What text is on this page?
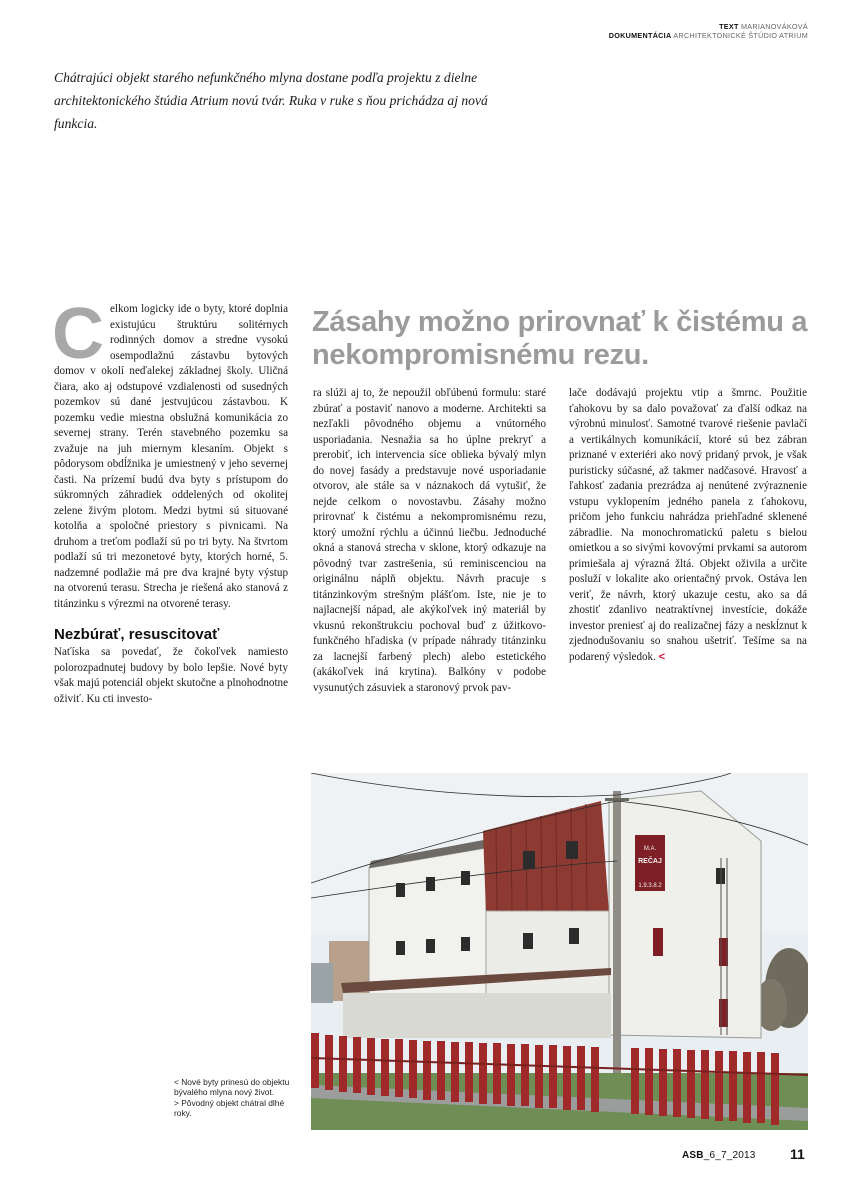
TEXT MARIANOVÁKOVÁ
DOKUMENTÁCIA ARCHITEKTONICKÉ ŠTÚDIO ATRIUM

Chátrajúci objekt starého nefunkčného mlyna dostane podľa projektu z dielne architektonického štúdia Atrium novú tvár. Ruka v ruke s ňou prichádza aj nová funkcia.

Zásahy možno prirovnať k čistému a nekompromisnému rezu.

Celkom logicky ide o byty, ktoré doplnia existujúcu štruktúru solitérnych rodinných domov a stredne vysokú osempodlažnú zástavbu bytových domov v okolí neďalekej základnej školy. Uličná čiara, ako aj odstupové vzdialenosti od susedných pozemkov sú dané jestvujúcou zástavbou. K pozemku vedie miestna obslužná komunikácia zo severnej strany. Terén stavebného pozemku sa zvažuje na juh miernym klesaním. Objekt s pôdorysom obdĺžnika je umiestnený v jeho severnej časti. Na prízemí budú dva byty s prístupom do súkromných záhradiek oddelených od okolitej zelene živým plotom. Medzi bytmi sú situované kotolňa a spoločné priestory s pivnicami. Na druhom a treťom podlaží sú po tri byty. Na štvrtom podlaží sú tri mezonetové byty, ktorých horné, 5. nadzemné podlažie má pre dva krajné byty výstup na otvorenú terasu. Strecha je riešená ako stanová z titánzinku s výrezmi na otvorené terasy.

Nezbúrať, resuscitovať

Naťíska sa povedať, že čokoľvek namiesto polorozpadnutej budovy by bolo lepšie. Nové byty však majú potenciál objekt skutočne a plnohodnotne oživiť. Ku cti investo-

ra slúži aj to, že nepoužil obľúbenú formulu: staré zbúrať a postaviť nanovo a moderne. Architekti sa nezľakli pôvodného objemu a vnútorného usporiadania. Nesnažia sa ho úplne prekryť a prerobiť, ich intervencia síce oblieka bývalý mlyn do novej fasády a predstavuje nové usporiadanie otvorov, ale stále sa v náznakoch dá vytušiť, že nejde celkom o novostavbu. Zásahy možno prirovnať k čistému a nekompromisnému rezu, ktorý umožní rýchlu a účinnú liečbu. Jednoduché okná a stanová strecha v sklone, ktorý odkazuje na pôvodný tvar zastrešenia, sú reminiscenciou na originálnu náplň objektu. Návrh pracuje s titánzinkovým strešným plášťom. Iste, nie je to najlacnejší nápad, ale akýkoľvek iný materiál by vkusnú rekonštrukciu pochoval buď z úžitkovo-funkčného hľadiska (v prípade náhrady titánzinku za lacnejší farbený plech) alebo estetického (akákoľvek iná krytina). Balkóny v podobe vysunutých zásuviek a staronový prvok pav-

lače dodávajú projektu vtip a šmrnc. Použitie ťahokovu by sa dalo považovať za ďalší odkaz na výrobnú minulosť. Samotné tvarové riešenie pavlačí a vertikálnych komunikácií, ktoré sú bez zábran priznané v exteriéri ako nový pridaný prvok, je však puristicky súčasné, až takmer nadčasové. Hravosť a ľahkosť zadania prezrádza aj nenútené zvýraznenie vstupu vyklopením jedného panela z ťahokovu, pričom jeho funkciu nahrádza priehľadné sklenené zábradlie. Na monochromatickú paletu s bielou omietkou a so sivými kovovými prvkami sa autorom primiešala aj výrazná žltá. Objekt oživila a určite posluží v lokalite ako orientačný prvok. Ostáva len veriť, že návrh, ktorý ukazuje cestu, ako sa dá zhostiť zdanlivo neatraktívnej investície, dokáže investor preniesť aj do realizačnej fázy a neskĺznut k zjednodušovaniu so snahou ušetriť. Tešíme sa na podarený výsledok. <

M.A.
REČAJ
1.9.3.8.2

< Nové byty prinesú do objektu bývalého mlyna nový život.

> Pôvodný objekt chátral dlhé roky.

ASB_6_7_2013 11
